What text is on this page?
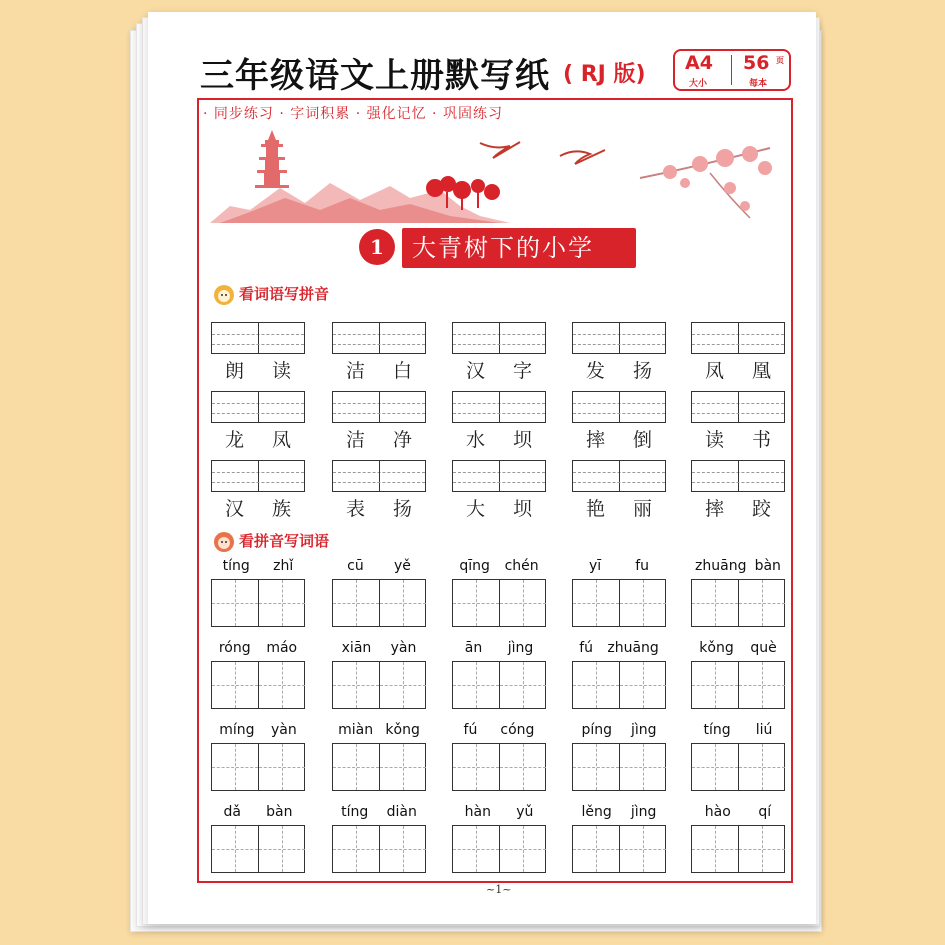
三年级语文上册默写纸 ( RJ 版) A4
大小
56 页
每本
· 同步练习 · 字词积累 · 强化记忆 · 巩固练习
1	大青树下的小学
看词语写拼音
朗 读	洁 白	汉 字	发 扬	凤 凰
龙 凤	洁 净	水 坝	摔 倒	读 书
汉 族	表 扬	大 坝	艳 丽	摔 跤
看拼音写词语
tíng zhǐ	cū yě	qīng chén	yī fu	zhuāng bàn
róng máo	xiān yàn	ān jìng	fú zhuāng	kǒng què
míng yàn	miàn kǒng	fú cóng	píng jìng	tíng liú
dǎ bàn	tíng diàn	hàn yǔ	lěng jìng	hào qí
~1~
